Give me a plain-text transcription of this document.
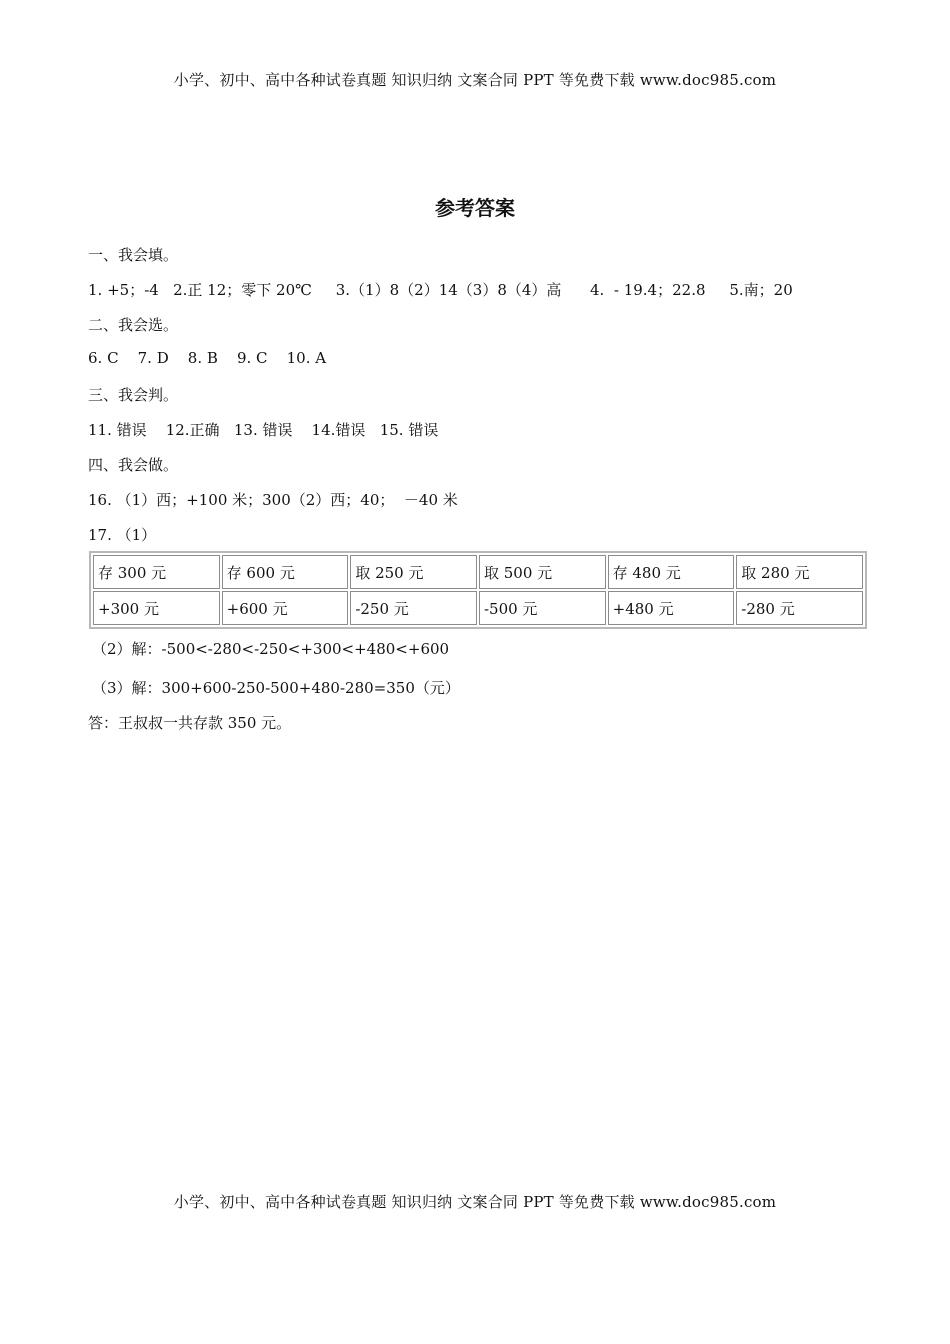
小学、初中、高中各种试卷真题 知识归纳 文案合同 PPT 等免费下载 www.doc985.com
参考答案
一、我会填。
1. +5；-4   2.正 12；零下 20℃     3.（1）8（2）14（3）8（4）高      4.  - 19.4；22.8     5.南；20
二、我会选。
6. C    7. D    8. B    9. C    10. A
三、我会判。
11. 错误    12.正确   13. 错误    14.错误   15. 错误
四、我会做。
16. （1）西；+100 米；300（2）西；40；  －40 米
17. （1）
存 300 元	存 600 元	取 250 元	取 500 元	存 480 元	取 280 元
+300 元	+600 元	-250 元	-500 元	+480 元	-280 元
（2）解：-500<-280<-250<+300<+480<+600
（3）解：300+600-250-500+480-280=350（元）
答：王叔叔一共存款 350 元。
小学、初中、高中各种试卷真题 知识归纳 文案合同 PPT 等免费下载 www.doc985.com
